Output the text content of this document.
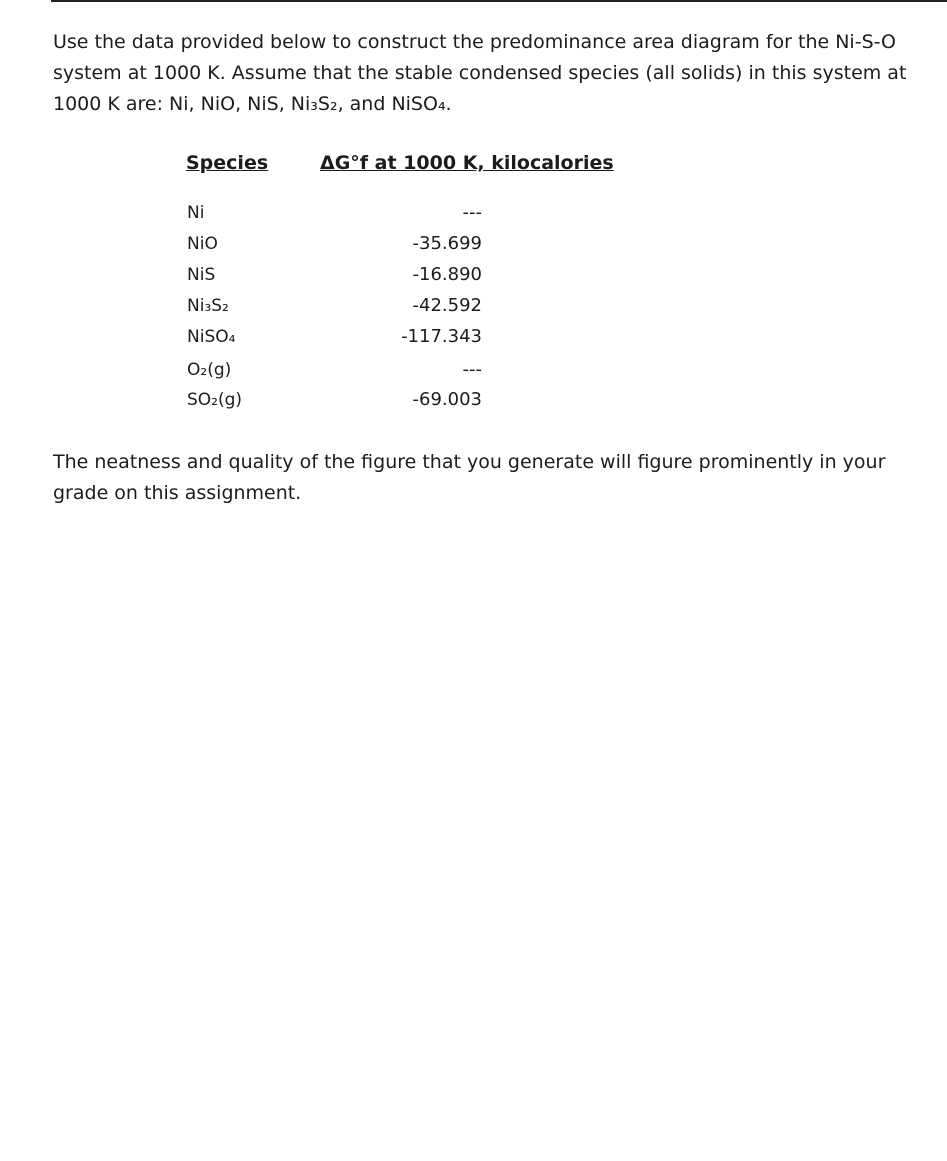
Use the data provided below to construct the predominance area diagram for the Ni-S-O system at 1000 K. Assume that the stable condensed species (all solids) in this system at 1000 K are: Ni, NiO, NiS, Ni₃S₂, and NiSO₄.

Species	ΔG°f at 1000 K, kilocalories

Ni	---
NiO	-35.699
NiS	-16.890
Ni₃S₂	-42.592
NiSO₄	-117.343
O₂(g)	---
SO₂(g)	-69.003

The neatness and quality of the figure that you generate will figure prominently in your grade on this assignment.
